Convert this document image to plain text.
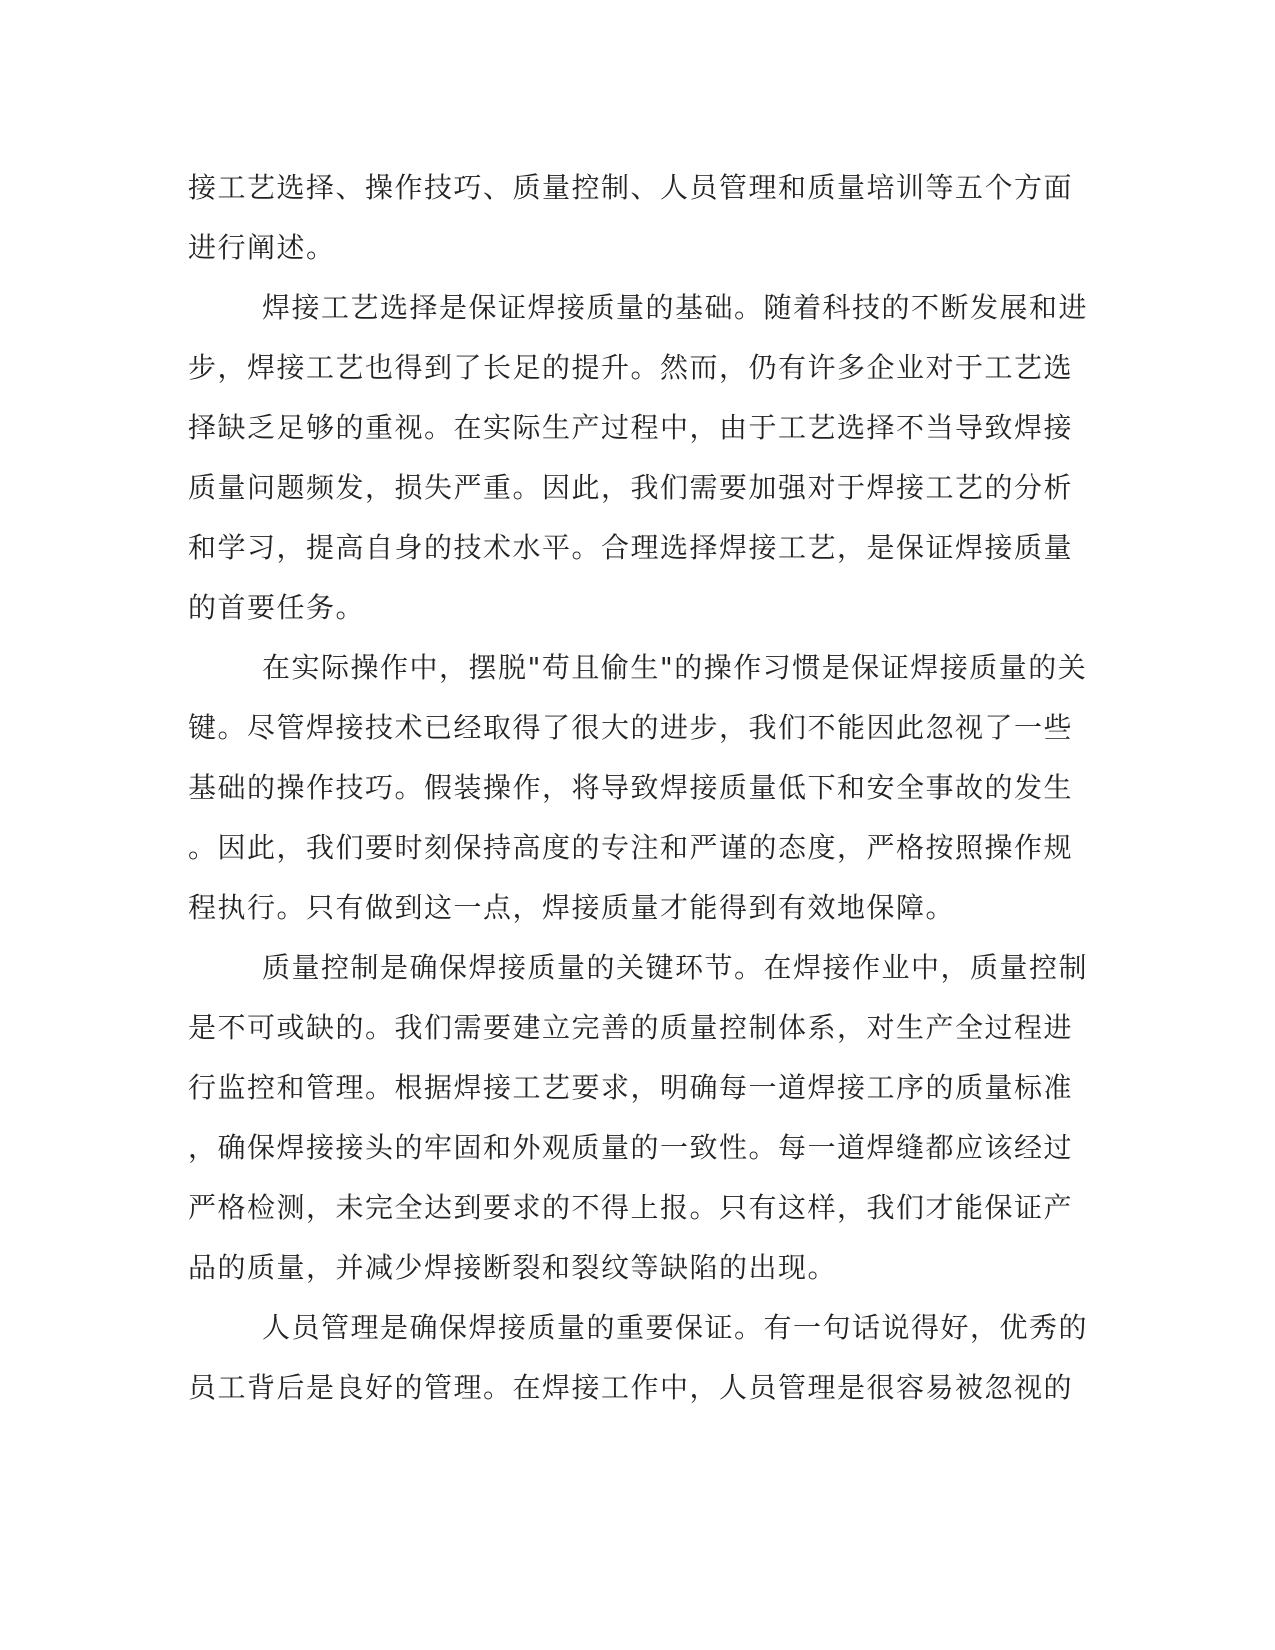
接工艺选择、操作技巧、质量控制、人员管理和质量培训等五个方面
进行阐述。

焊接工艺选择是保证焊接质量的基础。随着科技的不断发展和进
步，焊接工艺也得到了长足的提升。然而，仍有许多企业对于工艺选
择缺乏足够的重视。在实际生产过程中，由于工艺选择不当导致焊接
质量问题频发，损失严重。因此，我们需要加强对于焊接工艺的分析
和学习，提高自身的技术水平。合理选择焊接工艺，是保证焊接质量
的首要任务。

在实际操作中，摆脱"苟且偷生"的操作习惯是保证焊接质量的关
键。尽管焊接技术已经取得了很大的进步，我们不能因此忽视了一些
基础的操作技巧。假装操作，将导致焊接质量低下和安全事故的发生
。因此，我们要时刻保持高度的专注和严谨的态度，严格按照操作规
程执行。只有做到这一点，焊接质量才能得到有效地保障。

质量控制是确保焊接质量的关键环节。在焊接作业中，质量控制
是不可或缺的。我们需要建立完善的质量控制体系，对生产全过程进
行监控和管理。根据焊接工艺要求，明确每一道焊接工序的质量标准
，确保焊接接头的牢固和外观质量的一致性。每一道焊缝都应该经过
严格检测，未完全达到要求的不得上报。只有这样，我们才能保证产
品的质量，并减少焊接断裂和裂纹等缺陷的出现。

人员管理是确保焊接质量的重要保证。有一句话说得好，优秀的
员工背后是良好的管理。在焊接工作中，人员管理是很容易被忽视的
